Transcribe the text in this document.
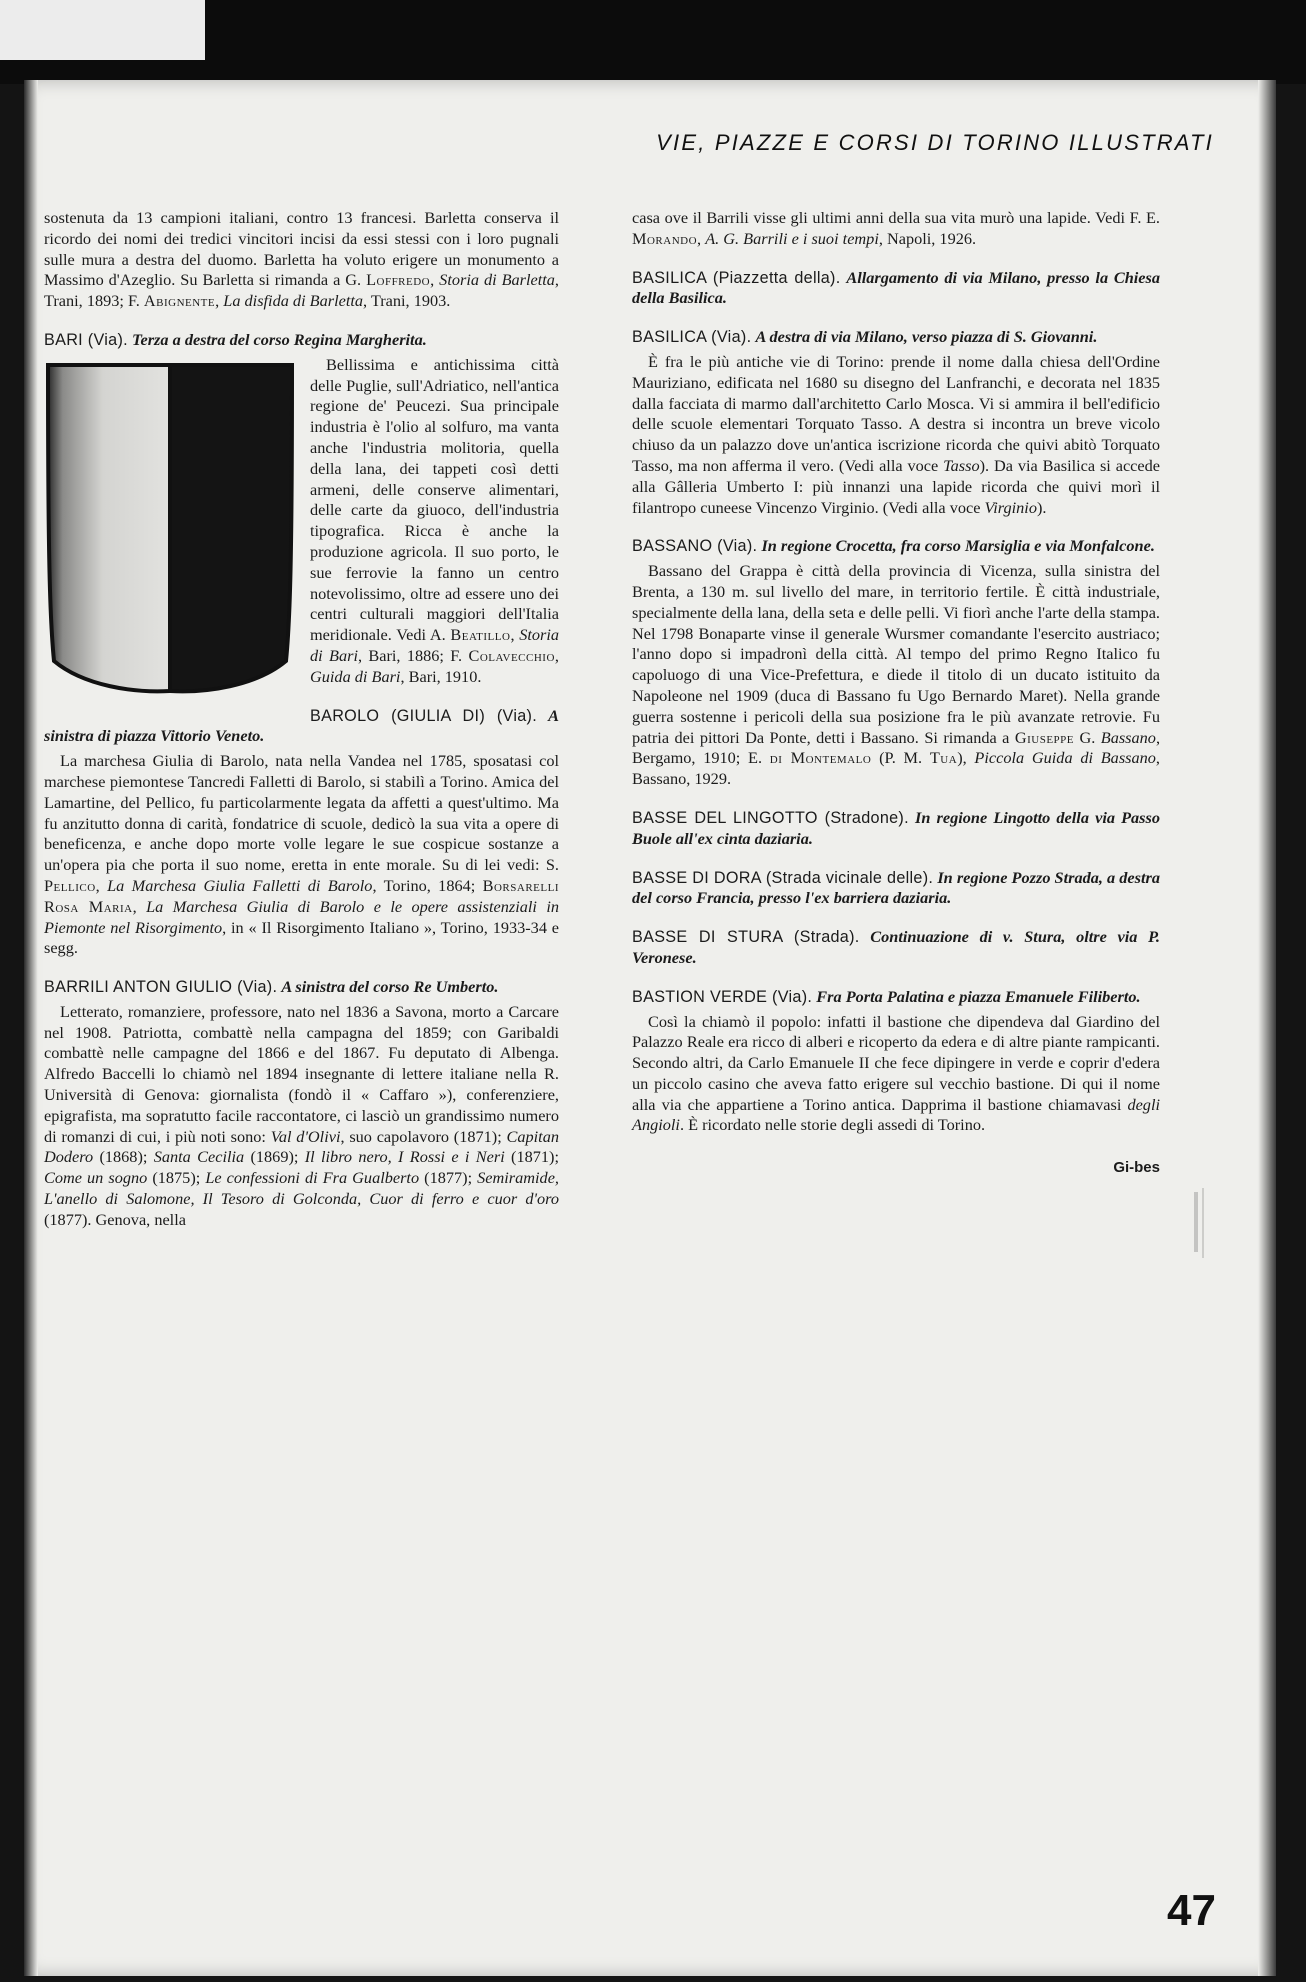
VIE, PIAZZE E CORSI DI TORINO ILLUSTRATI

sostenuta da 13 campioni italiani, contro 13 francesi. Barletta conserva il ricordo dei nomi dei tredici vincitori incisi da essi stessi con i loro pugnali sulle mura a destra del duomo. Barletta ha voluto erigere un monumento a Massimo d'Azeglio. Su Barletta si rimanda a G. Loffredo, Storia di Barletta, Trani, 1893; F. Abignente, La disfida di Barletta, Trani, 1903.

BARI (Via). Terza a destra del corso Regina Margherita.

Bellissima e antichissima città delle Puglie, sull'Adriatico, nell'antica regione de' Peucezi. Sua principale industria è l'olio al solfuro, ma vanta anche l'industria molitoria, quella della lana, dei tappeti così detti armeni, delle conserve alimentari, delle carte da giuoco, dell'industria tipografica. Ricca è anche la produzione agricola. Il suo porto, le sue ferrovie la fanno un centro notevolissimo, oltre ad essere uno dei centri culturali maggiori dell'Italia meridionale. Vedi A. Beatillo, Storia di Bari, Bari, 1886; F. Colavecchio, Guida di Bari, Bari, 1910.

BAROLO (GIULIA DI) (Via). A sinistra di piazza Vittorio Veneto.

La marchesa Giulia di Barolo, nata nella Vandea nel 1785, sposatasi col marchese piemontese Tancredi Falletti di Barolo, si stabilì a Torino. Amica del Lamartine, del Pellico, fu particolarmente legata da affetti a quest'ultimo. Ma fu anzitutto donna di carità, fondatrice di scuole, dedicò la sua vita a opere di beneficenza, e anche dopo morte volle legare le sue cospicue sostanze a un'opera pia che porta il suo nome, eretta in ente morale. Su di lei vedi: S. Pellico, La Marchesa Giulia Falletti di Barolo, Torino, 1864; Borsarelli Rosa Maria, La Marchesa Giulia di Barolo e le opere assistenziali in Piemonte nel Risorgimento, in « Il Risorgimento Italiano », Torino, 1933-34 e segg.

BARRILI ANTON GIULIO (Via). A sinistra del corso Re Umberto.

Letterato, romanziere, professore, nato nel 1836 a Savona, morto a Carcare nel 1908. Patriotta, combattè nella campagna del 1859; con Garibaldi combattè nelle campagne del 1866 e del 1867. Fu deputato di Albenga. Alfredo Baccelli lo chiamò nel 1894 insegnante di lettere italiane nella R. Università di Genova: giornalista (fondò il « Caffaro »), conferenziere, epigrafista, ma sopratutto facile raccontatore, ci lasciò un grandissimo numero di romanzi di cui, i più noti sono: Val d'Olivi, suo capolavoro (1871); Capitan Dodero (1868); Santa Cecilia (1869); Il libro nero, I Rossi e i Neri (1871); Come un sogno (1875); Le confessioni di Fra Gualberto (1877); Semiramide, L'anello di Salomone, Il Tesoro di Golconda, Cuor di ferro e cuor d'oro (1877). Genova, nella

casa ove il Barrili visse gli ultimi anni della sua vita murò una lapide. Vedi F. E. Morando, A. G. Barrili e i suoi tempi, Napoli, 1926.

BASILICA (Piazzetta della). Allargamento di via Milano, presso la Chiesa della Basilica.
BASILICA (Via). A destra di via Milano, verso piazza di S. Giovanni.

È fra le più antiche vie di Torino: prende il nome dalla chiesa dell'Ordine Mauriziano, edificata nel 1680 su disegno del Lanfranchi, e decorata nel 1835 dalla facciata di marmo dall'architetto Carlo Mosca. Vi si ammira il bell'edificio delle scuole elementari Torquato Tasso. A destra si incontra un breve vicolo chiuso da un palazzo dove un'antica iscrizione ricorda che quivi abitò Torquato Tasso, ma non afferma il vero. (Vedi alla voce Tasso). Da via Basilica si accede alla Gâlleria Umberto I: più innanzi una lapide ricorda che quivi morì il filantropo cuneese Vincenzo Virginio. (Vedi alla voce Virginio).

BASSANO (Via). In regione Crocetta, fra corso Marsiglia e via Monfalcone.

Bassano del Grappa è città della provincia di Vicenza, sulla sinistra del Brenta, a 130 m. sul livello del mare, in territorio fertile. È città industriale, specialmente della lana, della seta e delle pelli. Vi fiorì anche l'arte della stampa. Nel 1798 Bonaparte vinse il generale Wursmer comandante l'esercito austriaco; l'anno dopo si impadronì della città. Al tempo del primo Regno Italico fu capoluogo di una Vice-Prefettura, e diede il titolo di un ducato istituito da Napoleone nel 1909 (duca di Bassano fu Ugo Bernardo Maret). Nella grande guerra sostenne i pericoli della sua posizione fra le più avanzate retrovie. Fu patria dei pittori Da Ponte, detti i Bassano. Si rimanda a Giuseppe G. Bassano, Bergamo, 1910; E. di Montemalo (P. M. Tua), Piccola Guida di Bassano, Bassano, 1929.

BASSE DEL LINGOTTO (Stradone). In regione Lingotto della via Passo Buole all'ex cinta daziaria.
BASSE DI DORA (Strada vicinale delle). In regione Pozzo Strada, a destra del corso Francia, presso l'ex barriera daziaria.
BASSE DI STURA (Strada). Continuazione di v. Stura, oltre via P. Veronese.
BASTION VERDE (Via). Fra Porta Palatina e piazza Emanuele Filiberto.

Così la chiamò il popolo: infatti il bastione che dipendeva dal Giardino del Palazzo Reale era ricco di alberi e ricoperto da edera e di altre piante rampicanti. Secondo altri, da Carlo Emanuele II che fece dipingere in verde e coprir d'edera un piccolo casino che aveva fatto erigere sul vecchio bastione. Di qui il nome alla via che appartiene a Torino antica. Dapprima il bastione chiamavasi degli Angioli. È ricordato nelle storie degli assedi di Torino.

Gi-bes
47
